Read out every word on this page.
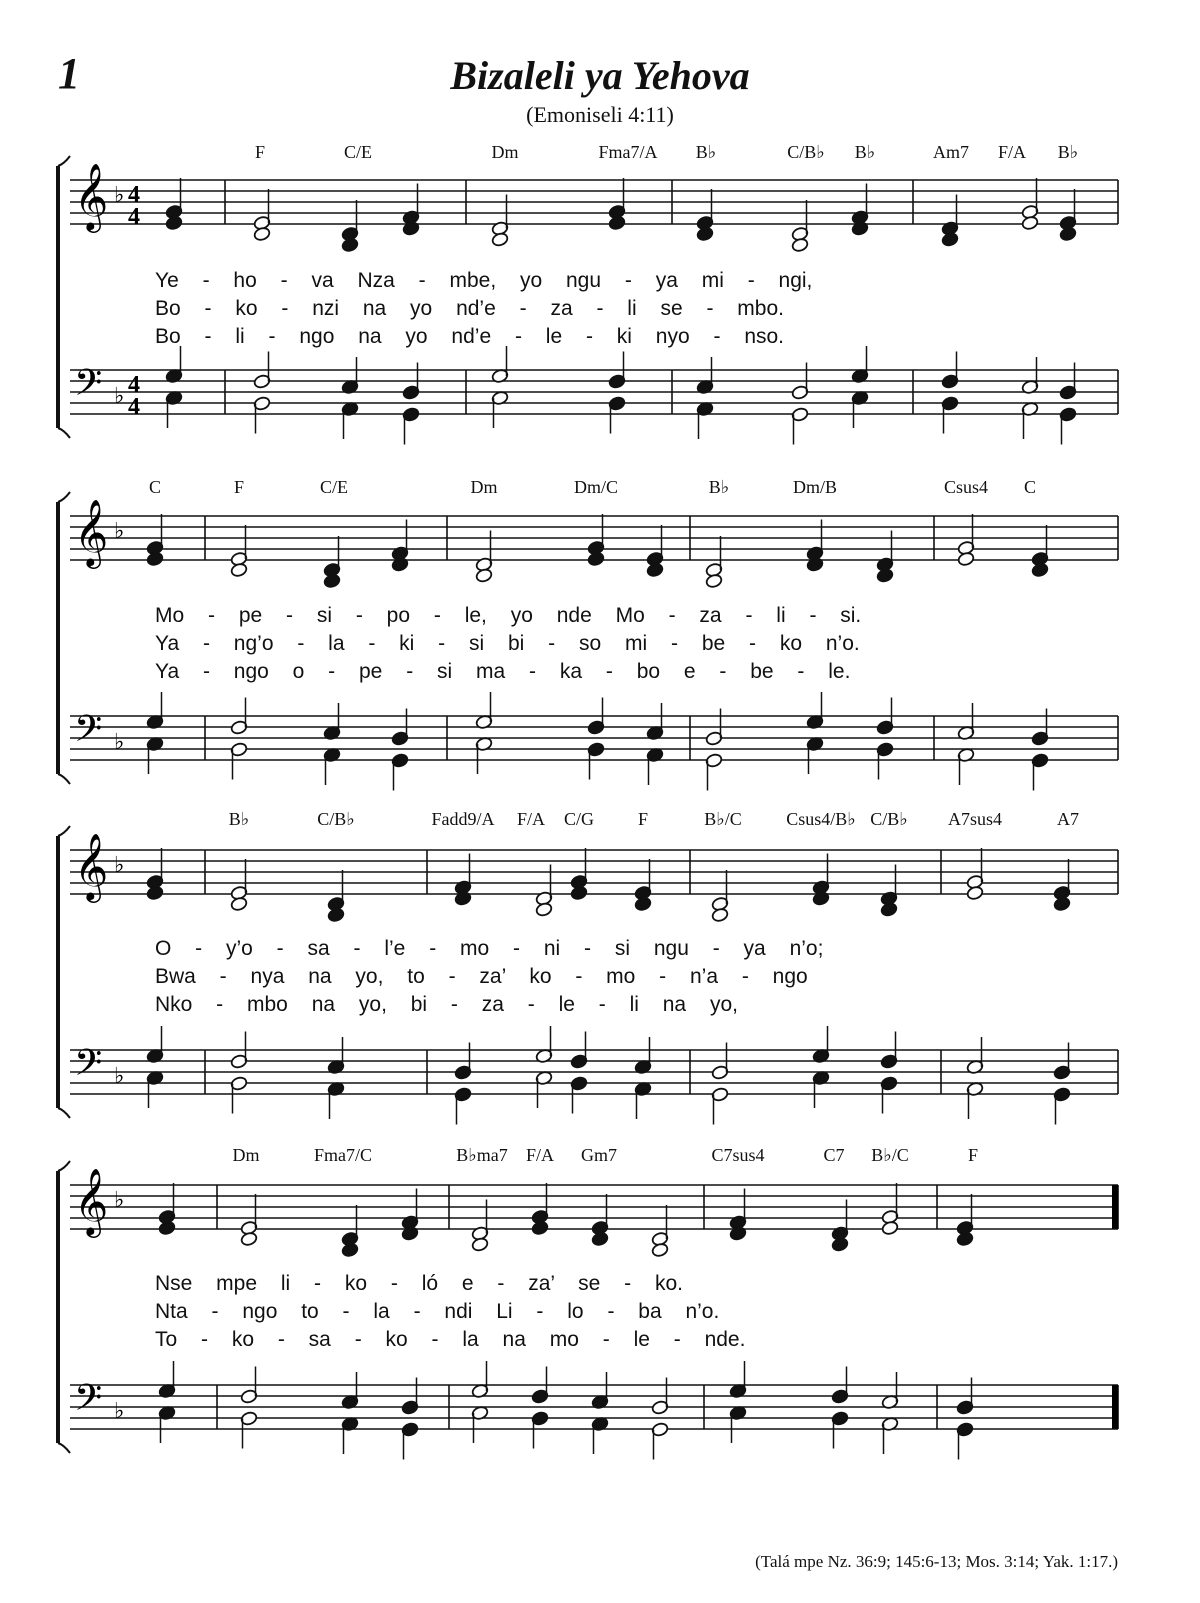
1	Bizaleli ya Yehova
(Emoniseli 4:11)
𝄞
𝄢
♭
♭
4
4
4
4
𝄞
𝄢
♭
♭
𝄞
𝄢
♭
♭
𝄞
𝄢
♭
♭
F	C/E	Dm	Fma7/A B♭	C/B♭ B♭	Am7 F/A B♭
Ye - ho - va Nza - mbe, yo ngu - ya mi - ngi,
Bo - ko - nzi na yo nd’e - za - li se - mbo.
Bo - li - ngo na yo nd’e - le - ki nyo - nso.
C	F	C/E	Dm	Dm/C	B♭	Dm/B	Csus4 C
Mo - pe - si - po - le, yo nde Mo - za - li - si.
Ya - ng’o - la - ki - si bi - so mi - be - ko n’o.
Ya - ngo o - pe - si ma - ka - bo e - be - le.
B♭	C/B♭	Fadd9/A F/A C/G F	B♭/C Csus4/B♭ C/B♭ A7sus4	A7
O - y’o - sa - l’e - mo - ni - si ngu - ya n’o;
Bwa - nya na yo, to - za’ ko - mo - n’a - ngo
Nko - mbo na yo, bi - za - le - li na yo,
Dm	Fma7/C	B♭ma7 F/A Gm7	C7sus4	C7 B♭/C	F
Nse mpe li - ko - ló e - za’ se - ko.
Nta - ngo to - la - ndi Li - lo - ba n’o.
To - ko - sa - ko - la na mo - le - nde.
(Talá mpe Nz. 36:9; 145:6-13; Mos. 3:14; Yak. 1:17.)
